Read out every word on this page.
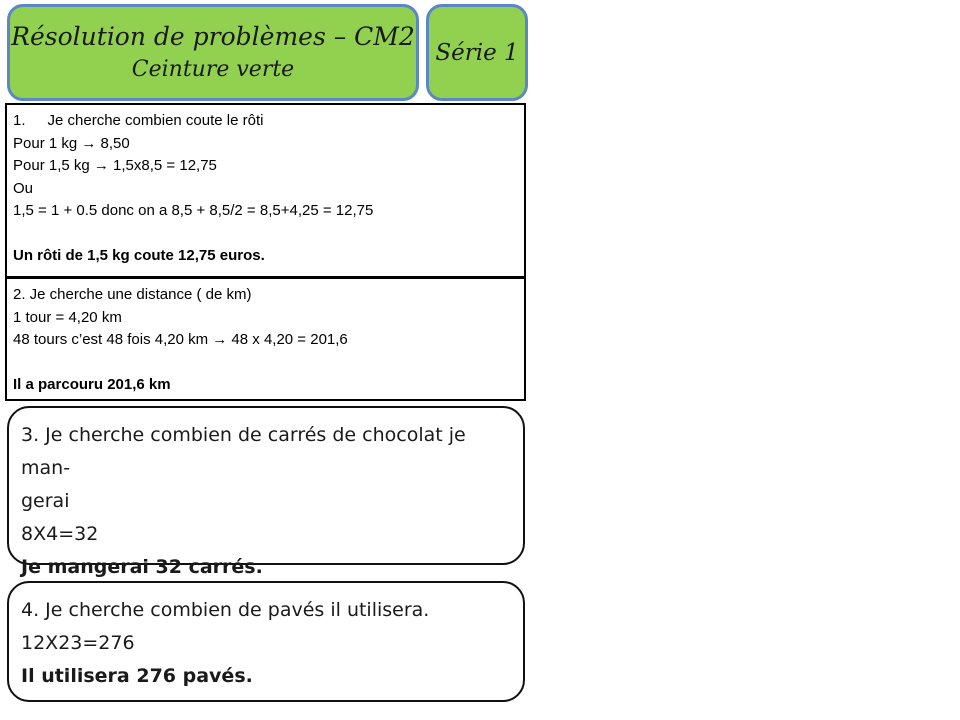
Résolution de problèmes – CM2
Ceinture verte
Série 1
1. Je cherche combien coute le rôti
Pour 1 kg → 8,50
Pour 1,5 kg → 1,5x8,5 = 12,75
Ou
1,5 = 1 + 0.5 donc on a 8,5 + 8,5/2 = 8,5+4,25 = 12,75
Un rôti de 1,5 kg coute 12,75 euros.
2. Je cherche une distance ( de km)
1 tour = 4,20 km
48 tours c’est 48 fois 4,20 km → 48 x 4,20 = 201,6
Il a parcouru 201,6 km
3. Je cherche combien de carrés de chocolat je man-
gerai
8X4=32
Je mangerai 32 carrés.
4. Je cherche combien de pavés il utilisera.
12X23=276
Il utilisera 276 pavés.
